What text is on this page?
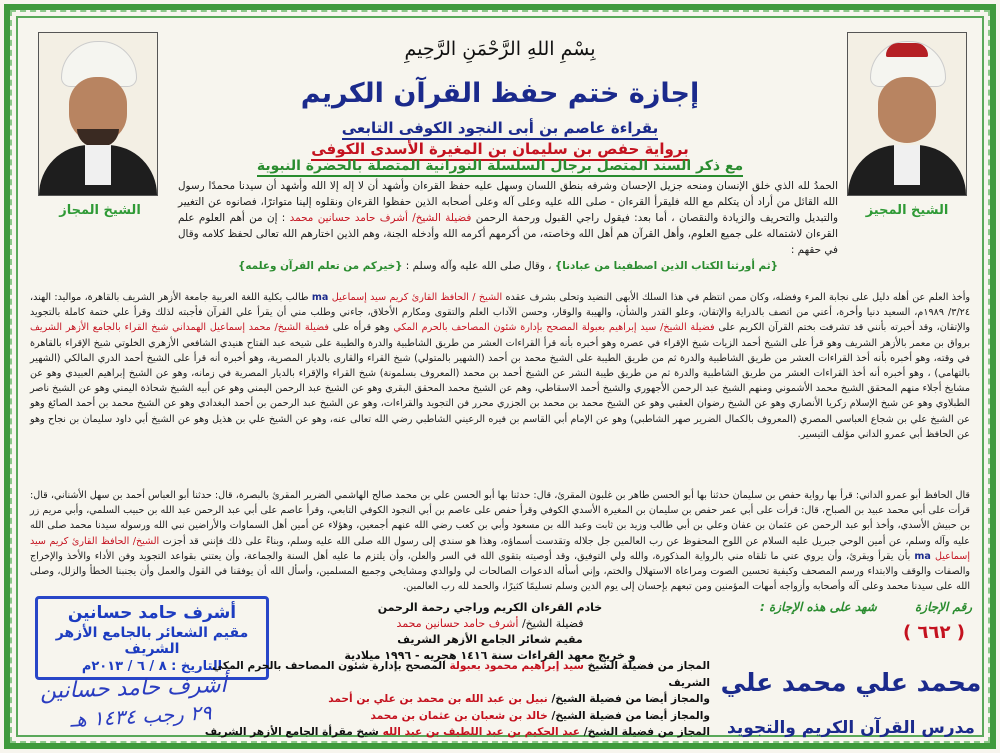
الشيخ المجاز	الشيخ المجيز
بِسْمِ اللهِ الرَّحْمَنِ الرَّحِيمِ
إجازة ختم حفظ القرآن الكريم
بقراءة عاصم بن أبى النجود الكوفى التابعى
برواية حفص بن سليمان بن المغيرة الأسدى الكوفى
مع ذكر السند المتصل برجال السلسلة النورانية المتصلة بالحضرة النبوية
الحمدُ لله الذي خلق الإنسان ومنحه جزيل الإحسان وشرفه بنطق اللسان وسهل عليه حفظ القرءان وأشهد أن لا إله إلا الله وأشهد أن سيدنا محمدًا رسول الله القائل من أراد أن يتكلم مع الله فليقرأ القرءان - صلى الله عليه وعلى آله وعلى أصحابه الذين حفظوا القرءان ونقلوه إلينا متواترًا، فصانوه عن التغيير والتبديل والتحريف والزيادة والنقصان ، أما بعد: فيقول راجي القبول ورحمة الرحمن فضيلة الشيخ/ أشرف حامد حسانين محمد : إن من أهم العلوم علم القرءان لاشتماله على جميع العلوم، وأهل القرآن هم أهل الله وخاصته، من أكرمهم أكرمه الله وأدخله الجنة، وهم الذين اختارهم الله تعالى لحفظ كلامه وقال في حقهم :
{ثم أورثنا الكتاب الذين اصطفينا من عبادنا} ، وقال صلى الله عليه وآله وسلم : {خيركم من تعلم القرآن وعلمه}
وأخذ العلم عن أهله دليل على نجابة المرء وفضله، وكان ممن انتظم في هذا السلك الأبهى النضيد وتحلى بشرف عقده الشيخ / الحافظ القارئ كريم سيد إسماعيل ma طالب بكلية اللغة العربية جامعة الأزهر الشريف بالقاهرة، مواليد: الهند، ٣/٢٤/ ١٩٨٩م، السعيد دنيا وأخرة، أعني من اتصف بالدراية والإتقان، وعلو القدر والشأن، والهيبة والوقار، وحسن الآداب العلم والتقوى ومكارم الأخلاق، جاءني وطلب مني أن يقرأ علي القرآن فأجبته لذلك وقرأ علي ختمة كاملة بالتجويد والإتقان، وقد أخبرته بأنني قد تشرفت بختم القرآن الكريم على فضيلة الشيخ/ سيد إبراهيم بعبولة المصحح بإدارة شئون المصاحف بالحرم المكي وهو قرأه على فضيلة الشيخ/ محمد إسماعيل الهمداني شيخ القراء بالجامع الأزهر الشريف برواق بن معمر بالأزهر الشريف وهو قرأ على الشيخ أحمد الزيات شيخ الإقراء في عصره وهو أخبره بأنه قرأ القراءات العشر من طريق الشاطبية والدرة والطيبة على شيخه عبد الفتاح هنيدي الشافعي الأزهري الخلوتي شيخ الإقراء بالقاهرة في وقته، وهو أخبره بأنه أخذ القراءات العشر من طريق الشاطبية والدرة ثم من طريق الطيبة على الشيخ محمد بن أحمد (الشهير بالمتولي) شيخ القراء والقارى بالديار المصرية، وهو أخبره أنه قرأ على الشيخ أحمد الدري المالكي (الشهير بالتهامي) ، وهو أخبره أنه أخذ القراءات العشر من طريق الشاطبية والدرة ثم من طريق طيبة النشر عن الشيخ أحمد بن محمد (المعروف بسلمونة) شيخ القراء والإقراء بالديار المصرية في زمانه، وهو عن الشيخ إبراهيم العبيدي وهو عن مشايخ أجلاء منهم المحقق الشيخ محمد الأشموني ومنهم الشيخ عبد الرحمن الأجهوري والشيخ أحمد الاسقاطي، وهم عن الشيخ محمد المحقق البقري وهو عن الشيخ عبد الرحمن اليمني وهو عن أبيه الشيخ شحاذة اليمني وهو عن الشيخ ناصر الطبلاوي وهو عن شيخ الإسلام زكريا الأنصاري وهو عن الشيخ رضوان العقبي وهو عن الشيخ محمد بن محمد بن الجزري محرر فن التجويد والقراءات، وهو عن الشيخ عبد الرحمن بن أحمد البغدادي وهو عن الشيخ محمد بن أحمد الصائغ وهو عن الشيخ علي بن شجاع العباسي المصري (المعروف بالكمال الضرير صهر الشاطبي) وهو عن الإمام أبي القاسم بن فيره الرعيني الشاطبي رضي الله تعالى عنه، وهو عن الشيخ علي بن هذيل وهو عن الشيخ أبي داود سليمان بن نجاح وهو عن الحافظ أبي عمرو الداني مؤلف التيسير.
قال الحافظ أبو عمرو الداني: قرأ بها رواية حفص بن سليمان حدثنا بها أبو الحسن طاهر بن غلبون المقرئ، قال: حدثنا بها أبو الحسن علي بن محمد صالح الهاشمي الضرير المقرئ بالبصرة، قال: حدثنا أبو العباس أحمد بن سهل الأشناني، قال: قرأت على أبي محمد عبيد بن الصباح، قال: قرأت على أبي عمر حفص بن سليمان بن المغيرة الأسدي الكوفي وقرأ حفص على عاصم بن أبي النجود الكوفي التابعي، وقرأ عاصم على أبي عبد الرحمن عبد الله بن حبيب السلمي، وأبي مريم زر بن حبيش الأسدي، وأخذ أبو عبد الرحمن عن عثمان بن عفان وعلي بن أبي طالب وزيد بن ثابت وعبد الله بن مسعود وأبي بن كعب رضي الله عنهم أجمعين، وهؤلاء عن أمين أهل السماوات والأراضين نبي الله ورسوله سيدنا محمد صلى الله عليه وآله وسلم، عن أمين الوحي جبريل عليه السلام عن اللوح المحفوظ عن رب العالمين جل جلاله وتقدست أسماؤه، وهذا هو سندي إلى رسول الله صلى الله عليه وسلم، وبناءً على ذلك فإنني قد أجزت الشيخ/ الحافظ القارئ كريم سيد إسماعيل ma بأن يقرأ ويقرئ، وأن يروي عني ما تلقاه مني بالرواية المذكورة، والله ولي التوفيق، وقد أوصيته بتقوى الله في السر والعلن، وأن يلتزم ما عليه أهل السنة والجماعة، وأن يعتني بقواعد التجويد وفن الأداء والأخذ والإخراج والصفات والوقف والابتداء ورسم المصحف وكيفية تحسين الصوت ومراعاة الاستهلال والختم، وإني أسأله الدعوات الصالحات لي ولوالدي ومشايخي وجميع المسلمين، وأسأل الله أن يوفقنا في القول والعمل وأن يجنبنا الخطأ والزلل، وصلى الله على سيدنا محمد وعلى آله وأصحابه وأزواجه أمهات المؤمنين ومن تبعهم بإحسان إلى يوم الدين وسلم تسليمًا كثيرًا، والحمد لله رب العالمين.
أشرف حامد حسانين
مقيم الشعائر بالجامع الأزهر الشريف
التاريخ : ٨ / ٦ / ٢٠١٣م
أشرف حامد حسانين
٢٩ رجب ١٤٣٤ هـ
خادم القرءان الكريم وراجي رحمة الرحمن
فضيلة الشيخ/ أشرف حامد حسانين محمد
مقيم شعائر الجامع الأزهر الشريف
و خريج معهد القراءات سنة ١٤١٦ هجريه - ١٩٩٦ ميلادية
المجاز من فضيلة الشيخ سيد إبراهيم محمود بعبولة المصحح بإدارة شئون المصاحف بالحرم المكي الشريف
والمجاز أيضا من فضيلة الشيخ/ نبيل بن عبد الله بن محمد بن علي بن أحمد
والمجاز أيضا من فضيلة الشيخ/ خالد بن شعبان بن عثمان بن محمد
المجاز من فضيلة الشيخ/ عبد الحكيم بن عبد اللطيف بن عبد الله شيخ مقرأة الجامع الأزهر الشريف
شهد على هذه الإجازة :	رقم الإجازة
( ٦٦٢ )
محمد علي محمد علي
مدرس القرآن الكريم والتجويد
